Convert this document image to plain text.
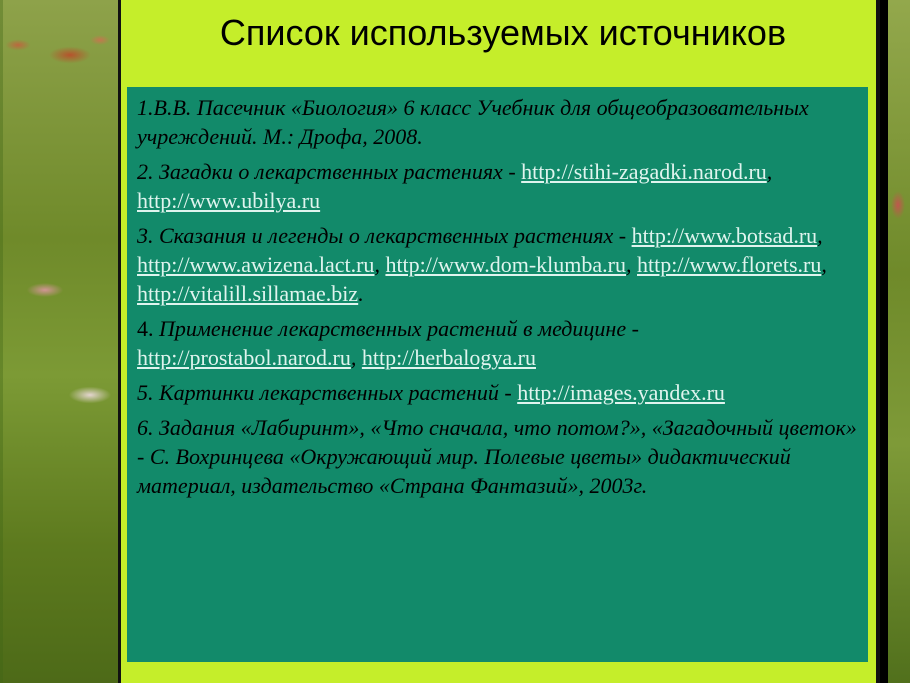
Список используемых источников

1.В.В. Пасечник «Биология» 6 класс Учебник для общеобразовательных учреждений. М.: Дрофа, 2008.

2. Загадки о лекарственных растениях - http://stihi-zagadki.narod.ru, http://www.ubilya.ru

3. Сказания и легенды о лекарственных растениях - http://www.botsad.ru, http://www.awizena.lact.ru, http://www.dom-klumba.ru, http://www.florets.ru, http://vitalill.sillamae.biz.

4. Применение лекарственных растений в медицине - http://prostabol.narod.ru, http://herbalogya.ru

5. Картинки лекарственных растений - http://images.yandex.ru

6. Задания «Лабиринт», «Что сначала, что потом?», «Загадочный цветок» - С. Вохринцева «Окружающий мир. Полевые цветы» дидактический материал, издательство «Страна Фантазий», 2003г.
